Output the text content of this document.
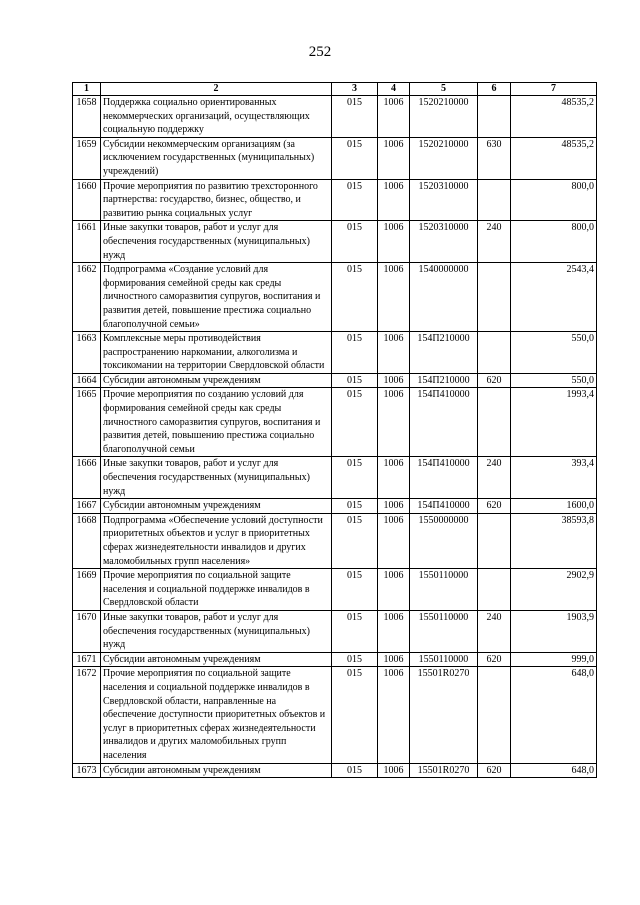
252
1	2	3	4	5	6	7
1658	Поддержка социально ориентированных некоммерческих организаций, осуществляющих социальную поддержку	015	1006	1520210000		48535,2
1659	Субсидии некоммерческим организациям (за исключением государственных (муниципальных) учреждений)	015	1006	1520210000	630	48535,2
1660	Прочие мероприятия по развитию трехсторонного партнерства: государство, бизнес, общество, и развитию рынка социальных услуг	015	1006	1520310000		800,0
1661	Иные закупки товаров, работ и услуг для обеспечения государственных (муниципальных) нужд	015	1006	1520310000	240	800,0
1662	Подпрограмма «Создание условий для формирования семейной среды как среды личностного саморазвития супругов, воспитания и развития детей, повышение престижа социально благополучной семьи»	015	1006	1540000000		2543,4
1663	Комплексные меры противодействия распространению наркомании, алкоголизма и токсикомании на территории Свердловской области	015	1006	154П210000		550,0
1664	Субсидии автономным учреждениям	015	1006	154П210000	620	550,0
1665	Прочие мероприятия по созданию условий для формирования семейной среды как среды личностного саморазвития супругов, воспитания и развития детей, повышению престижа социально благополучной семьи	015	1006	154П410000		1993,4
1666	Иные закупки товаров, работ и услуг для обеспечения государственных (муниципальных) нужд	015	1006	154П410000	240	393,4
1667	Субсидии автономным учреждениям	015	1006	154П410000	620	1600,0
1668	Подпрограмма «Обеспечение условий доступности приоритетных объектов и услуг в приоритетных сферах жизнедеятельности инвалидов и других маломобильных групп населения»	015	1006	1550000000		38593,8
1669	Прочие мероприятия по социальной защите населения и социальной поддержке инвалидов в Свердловской области	015	1006	1550110000		2902,9
1670	Иные закупки товаров, работ и услуг для обеспечения государственных (муниципальных) нужд	015	1006	1550110000	240	1903,9
1671	Субсидии автономным учреждениям	015	1006	1550110000	620	999,0
1672	Прочие мероприятия по социальной защите населения и социальной поддержке инвалидов в Свердловской области, направленные на обеспечение доступности приоритетных объектов и услуг в приоритетных сферах жизнедеятельности инвалидов и других маломобильных групп населения	015	1006	15501R0270		648,0
1673	Субсидии автономным учреждениям	015	1006	15501R0270	620	648,0
